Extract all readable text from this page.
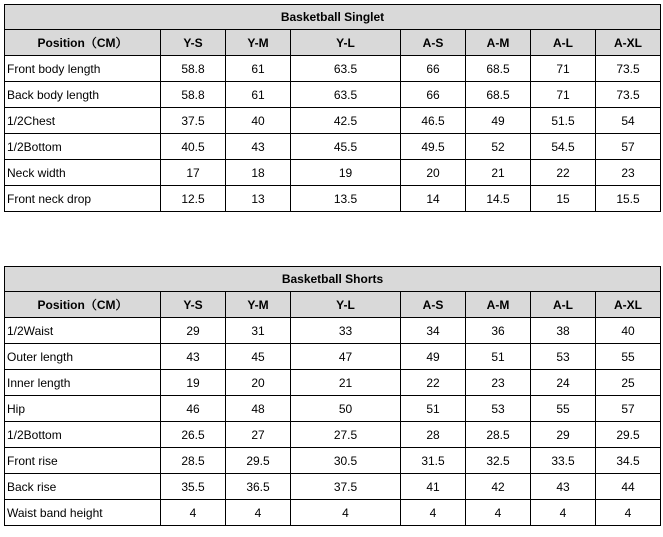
Basketball Singlet							
Position（CM）	Y-S	Y-M	Y-L	A-S	A-M	A-L	A-XL
Front body length	58.8	61	63.5	66	68.5	71	73.5
Back body length	58.8	61	63.5	66	68.5	71	73.5
1/2Chest	37.5	40	42.5	46.5	49	51.5	54
1/2Bottom	40.5	43	45.5	49.5	52	54.5	57
Neck width	17	18	19	20	21	22	23
Front neck drop	12.5	13	13.5	14	14.5	15	15.5
Basketball Shorts							
Position（CM）	Y-S	Y-M	Y-L	A-S	A-M	A-L	A-XL
1/2Waist	29	31	33	34	36	38	40
Outer length	43	45	47	49	51	53	55
Inner length	19	20	21	22	23	24	25
Hip	46	48	50	51	53	55	57
1/2Bottom	26.5	27	27.5	28	28.5	29	29.5
Front rise	28.5	29.5	30.5	31.5	32.5	33.5	34.5
Back rise	35.5	36.5	37.5	41	42	43	44
Waist band height	4	4	4	4	4	4	4
